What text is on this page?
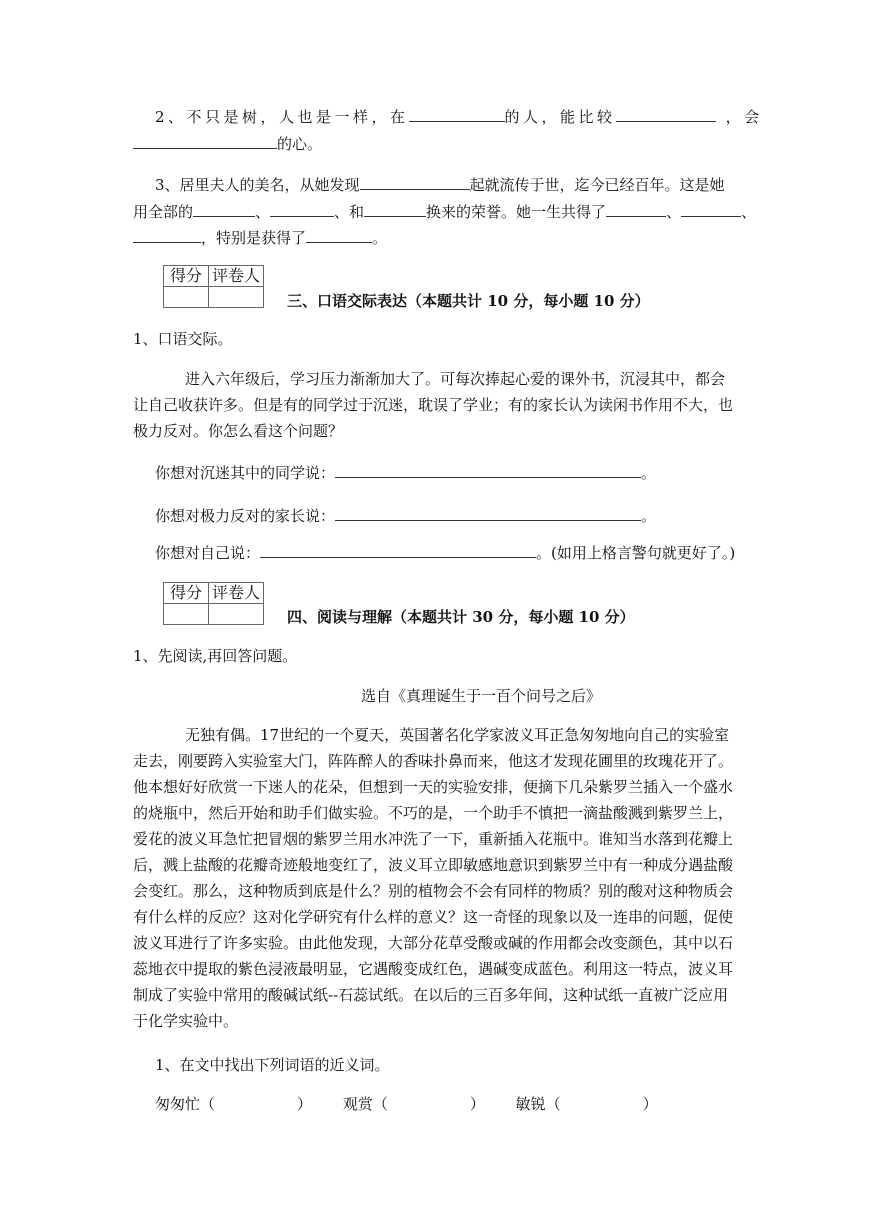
2、不只是树，人也是一样，在	的人，能比较	，会
的心。
3、居里夫人的美名，从她发现	起就流传于世，迄今已经百年。这是她
用全部的	、	、和	换来的荣誉。她一生共得了	、	、
，特别是获得了	。
得分	评卷人

三、口语交际表达（本题共计 10 分，每小题 10 分）
1、口语交际。
进入六年级后，学习压力渐渐加大了。可每次捧起心爱的课外书，沉浸其中，都会
让自己收获许多。但是有的同学过于沉迷，耽误了学业；有的家长认为读闲书作用不大，也
极力反对。你怎么看这个问题？
你想对沉迷其中的同学说：	。
你想对极力反对的家长说：	。
你想对自己说：	。(如用上格言警句就更好了。)
得分	评卷人

四、阅读与理解（本题共计 30 分，每小题 10 分）
1、先阅读,再回答问题。
选自《真理诞生于一百个问号之后》
无独有偶。17世纪的一个夏天，英国著名化学家波义耳正急匆匆地向自己的实验室
走去，刚要跨入实验室大门，阵阵醉人的香味扑鼻而来，他这才发现花圃里的玫瑰花开了。
他本想好好欣赏一下迷人的花朵，但想到一天的实验安排，便摘下几朵紫罗兰插入一个盛水
的烧瓶中，然后开始和助手们做实验。不巧的是，一个助手不慎把一滴盐酸溅到紫罗兰上，
爱花的波义耳急忙把冒烟的紫罗兰用水冲洗了一下，重新插入花瓶中。谁知当水落到花瓣上
后，溅上盐酸的花瓣奇迹般地变红了，波义耳立即敏感地意识到紫罗兰中有一种成分遇盐酸
会变红。那么，这种物质到底是什么？别的植物会不会有同样的物质？别的酸对这种物质会
有什么样的反应？这对化学研究有什么样的意义？这一奇怪的现象以及一连串的问题，促使
波义耳进行了许多实验。由此他发现，大部分花草受酸或碱的作用都会改变颜色，其中以石
蕊地衣中提取的紫色浸液最明显，它遇酸变成红色，遇碱变成蓝色。利用这一特点，波义耳
制成了实验中常用的酸碱试纸--石蕊试纸。在以后的三百多年间，这种试纸一直被广泛应用
于化学实验中。
1、在文中找出下列词语的近义词。
匆匆忙（	） 观赏（	） 敏锐（	）
